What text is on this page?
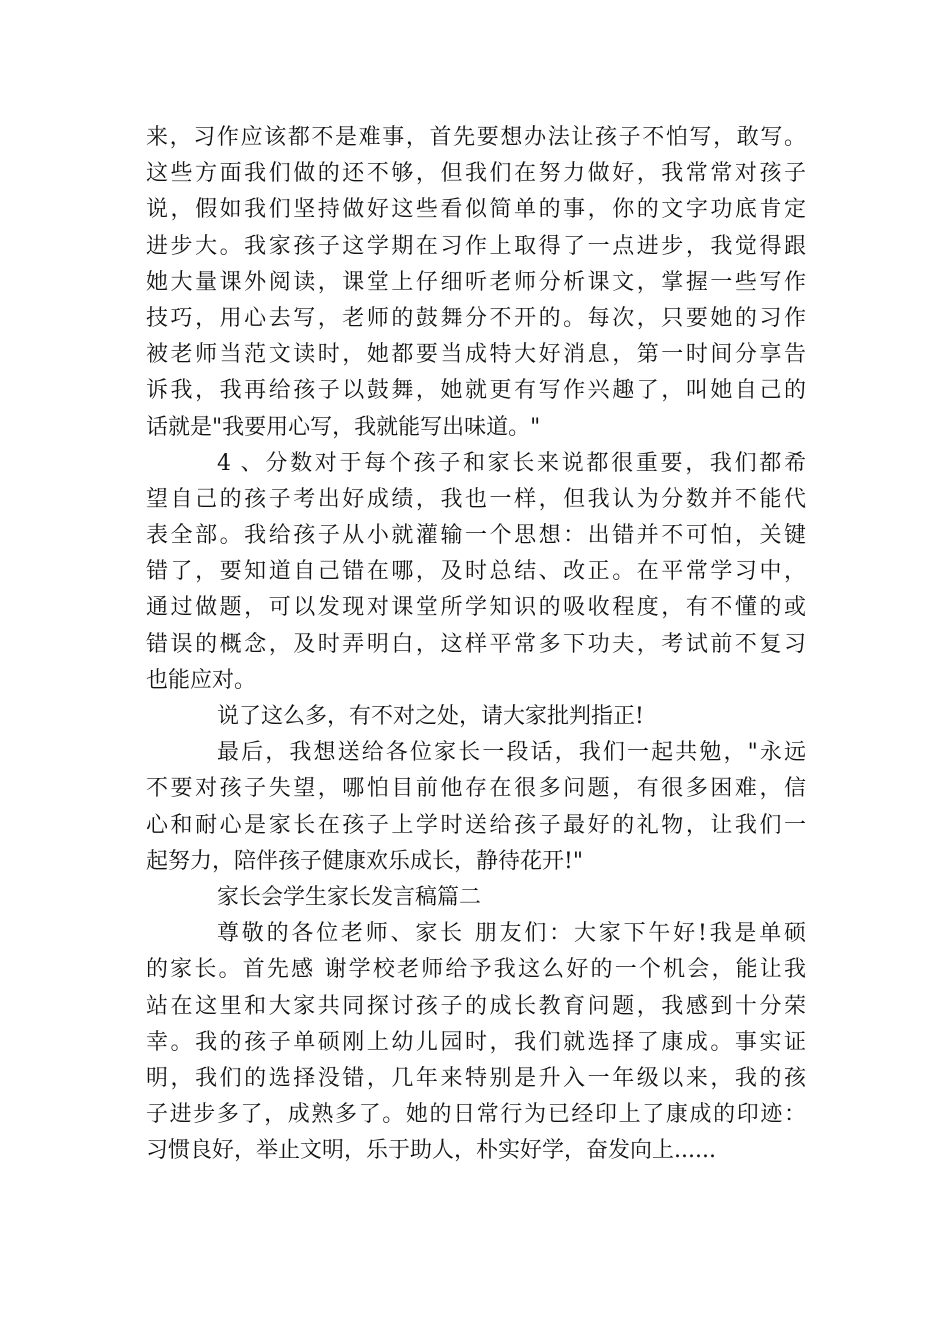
来，习作应该都不是难事，首先要想办法让孩子不怕写，敢写。
这些方面我们做的还不够，但我们在努力做好，我常常对孩子
说，假如我们坚持做好这些看似简单的事，你的文字功底肯定
进步大。我家孩子这学期在习作上取得了一点进步，我觉得跟
她大量课外阅读，课堂上仔细听老师分析课文，掌握一些写作
技巧，用心去写，老师的鼓舞分不开的。每次，只要她的习作
被老师当范文读时，她都要当成特大好消息，第一时间分享告
诉我，我再给孩子以鼓舞，她就更有写作兴趣了，叫她自己的
话就是"我要用心写，我就能写出味道。"
4 、分数对于每个孩子和家长来说都很重要，我们都希
望自己的孩子考出好成绩，我也一样，但我认为分数并不能代
表全部。我给孩子从小就灌输一个思想：出错并不可怕，关键
错了，要知道自己错在哪，及时总结、改正。在平常学习中，
通过做题，可以发现对课堂所学知识的吸收程度，有不懂的或
错误的概念，及时弄明白，这样平常多下功夫，考试前不复习
也能应对。
说了这么多，有不对之处，请大家批判指正!
最后，我想送给各位家长一段话，我们一起共勉，"永远
不要对孩子失望，哪怕目前他存在很多问题，有很多困难，信
心和耐心是家长在孩子上学时送给孩子最好的礼物，让我们一
起努力，陪伴孩子健康欢乐成长，静待花开!"
家长会学生家长发言稿篇二
尊敬的各位老师、家长 朋友们：大家下午好!我是单硕
的家长。首先感 谢学校老师给予我这么好的一个机会，能让我
站在这里和大家共同探讨孩子的成长教育问题，我感到十分荣
幸。我的孩子单硕刚上幼儿园时，我们就选择了康成。事实证
明，我们的选择没错，几年来特别是升入一年级以来，我的孩
子进步多了，成熟多了。她的日常行为已经印上了康成的印迹：
习惯良好，举止文明，乐于助人，朴实好学，奋发向上......
